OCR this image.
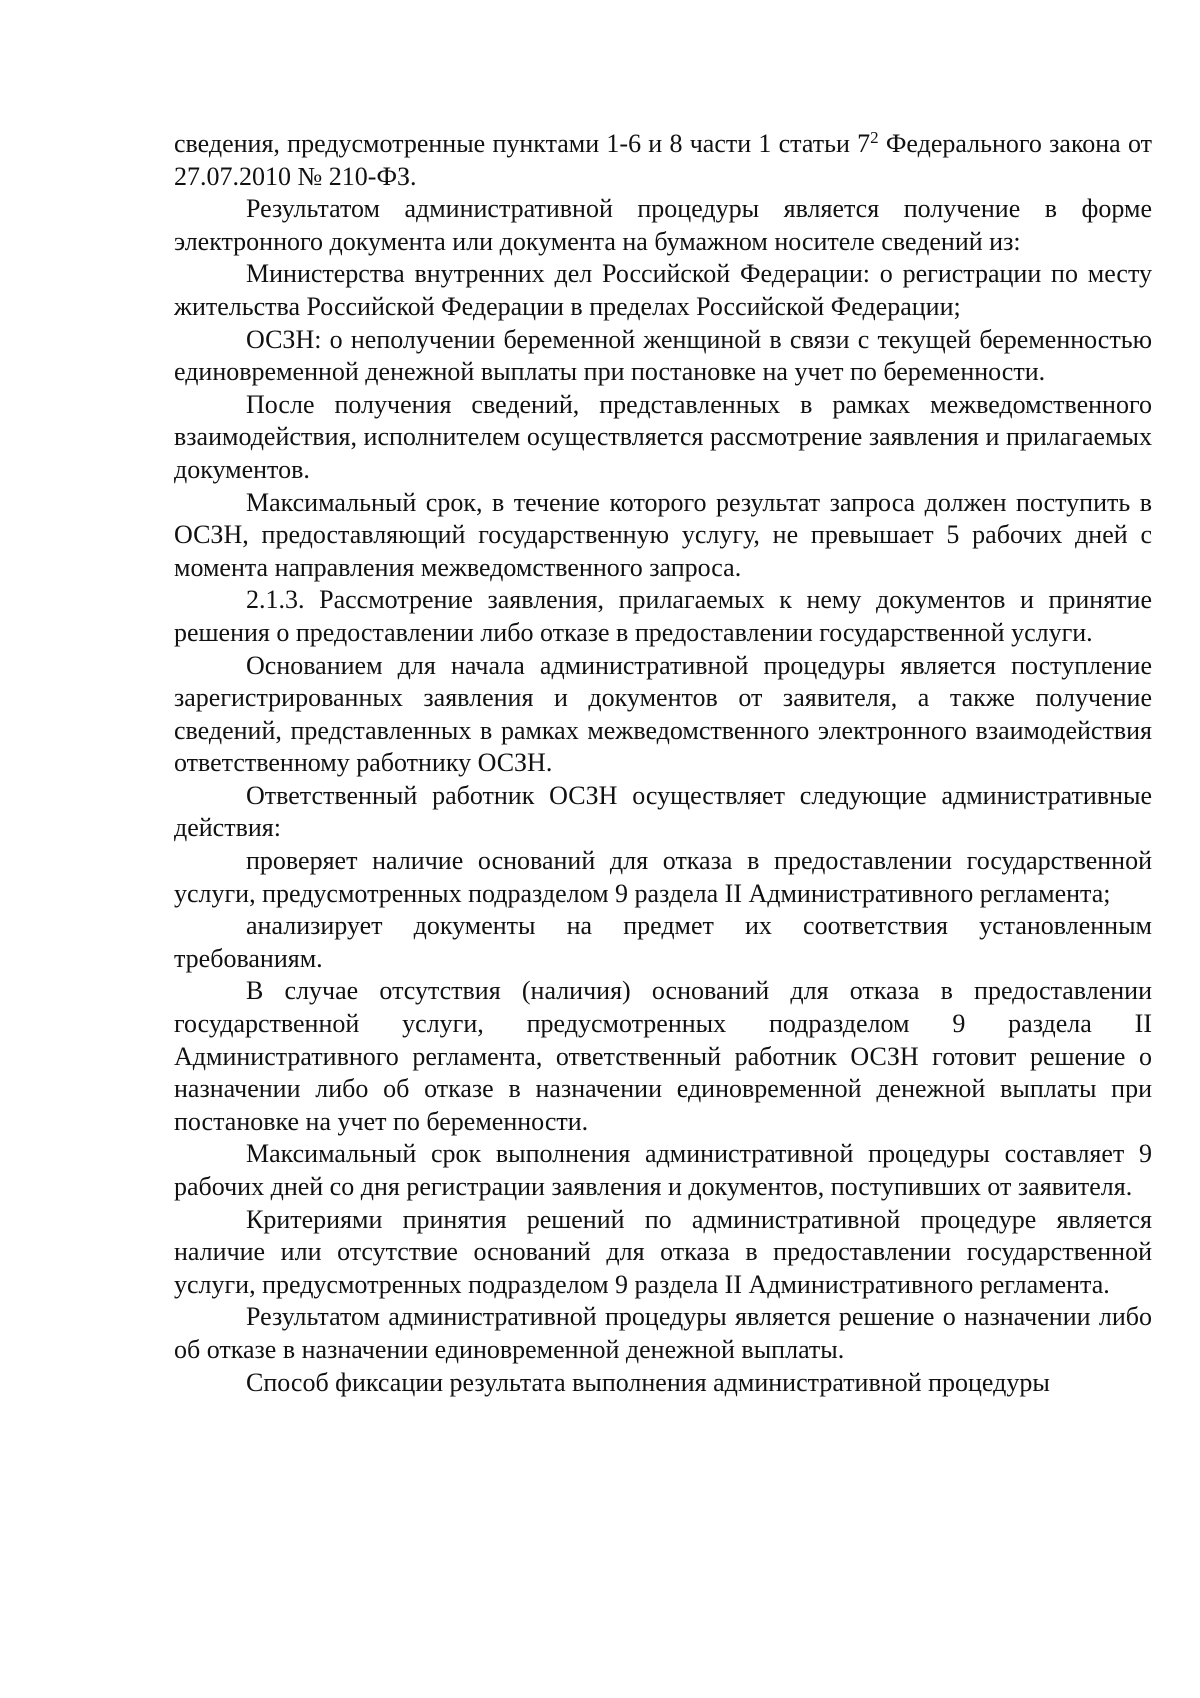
сведения, предусмотренные пунктами 1-6 и 8 части 1 статьи $7^2$ Федерального закона от 27.07.2010 № 210-ФЗ.

Результатом административной процедуры является получение в форме электронного документа или документа на бумажном носителе сведений из:

Министерства внутренних дел Российской Федерации: о регистрации по месту жительства Российской Федерации в пределах Российской Федерации;

ОСЗН: о неполучении беременной женщиной в связи с текущей беременностью единовременной денежной выплаты при постановке на учет по беременности.

После получения сведений, представленных в рамках межведомственного взаимодействия, исполнителем осуществляется рассмотрение заявления и прилагаемых документов.

Максимальный срок, в течение которого результат запроса должен поступить в ОСЗН, предоставляющий государственную услугу, не превышает 5 рабочих дней с момента направления межведомственного запроса.

2.1.3. Рассмотрение заявления, прилагаемых к нему документов и принятие решения о предоставлении либо отказе в предоставлении государственной услуги.

Основанием для начала административной процедуры является поступление зарегистрированных заявления и документов от заявителя, а также получение сведений, представленных в рамках межведомственного электронного взаимодействия ответственному работнику ОСЗН.

Ответственный работник ОСЗН осуществляет следующие административные действия:

проверяет наличие оснований для отказа в предоставлении государственной услуги, предусмотренных подразделом 9 раздела II Административного регламента;

анализирует документы на предмет их соответствия установленным требованиям.

В случае отсутствия (наличия) оснований для отказа в предоставлении государственной услуги, предусмотренных подразделом 9 раздела II Административного регламента, ответственный работник ОСЗН готовит решение о назначении либо об отказе в назначении единовременной денежной выплаты при постановке на учет по беременности.

Максимальный срок выполнения административной процедуры составляет 9 рабочих дней со дня регистрации заявления и документов, поступивших от заявителя.

Критериями принятия решений по административной процедуре является наличие или отсутствие оснований для отказа в предоставлении государственной услуги, предусмотренных подразделом 9 раздела II Административного регламента.

Результатом административной процедуры является решение о назначении либо об отказе в назначении единовременной денежной выплаты.

Способ фиксации результата выполнения административной процедуры
